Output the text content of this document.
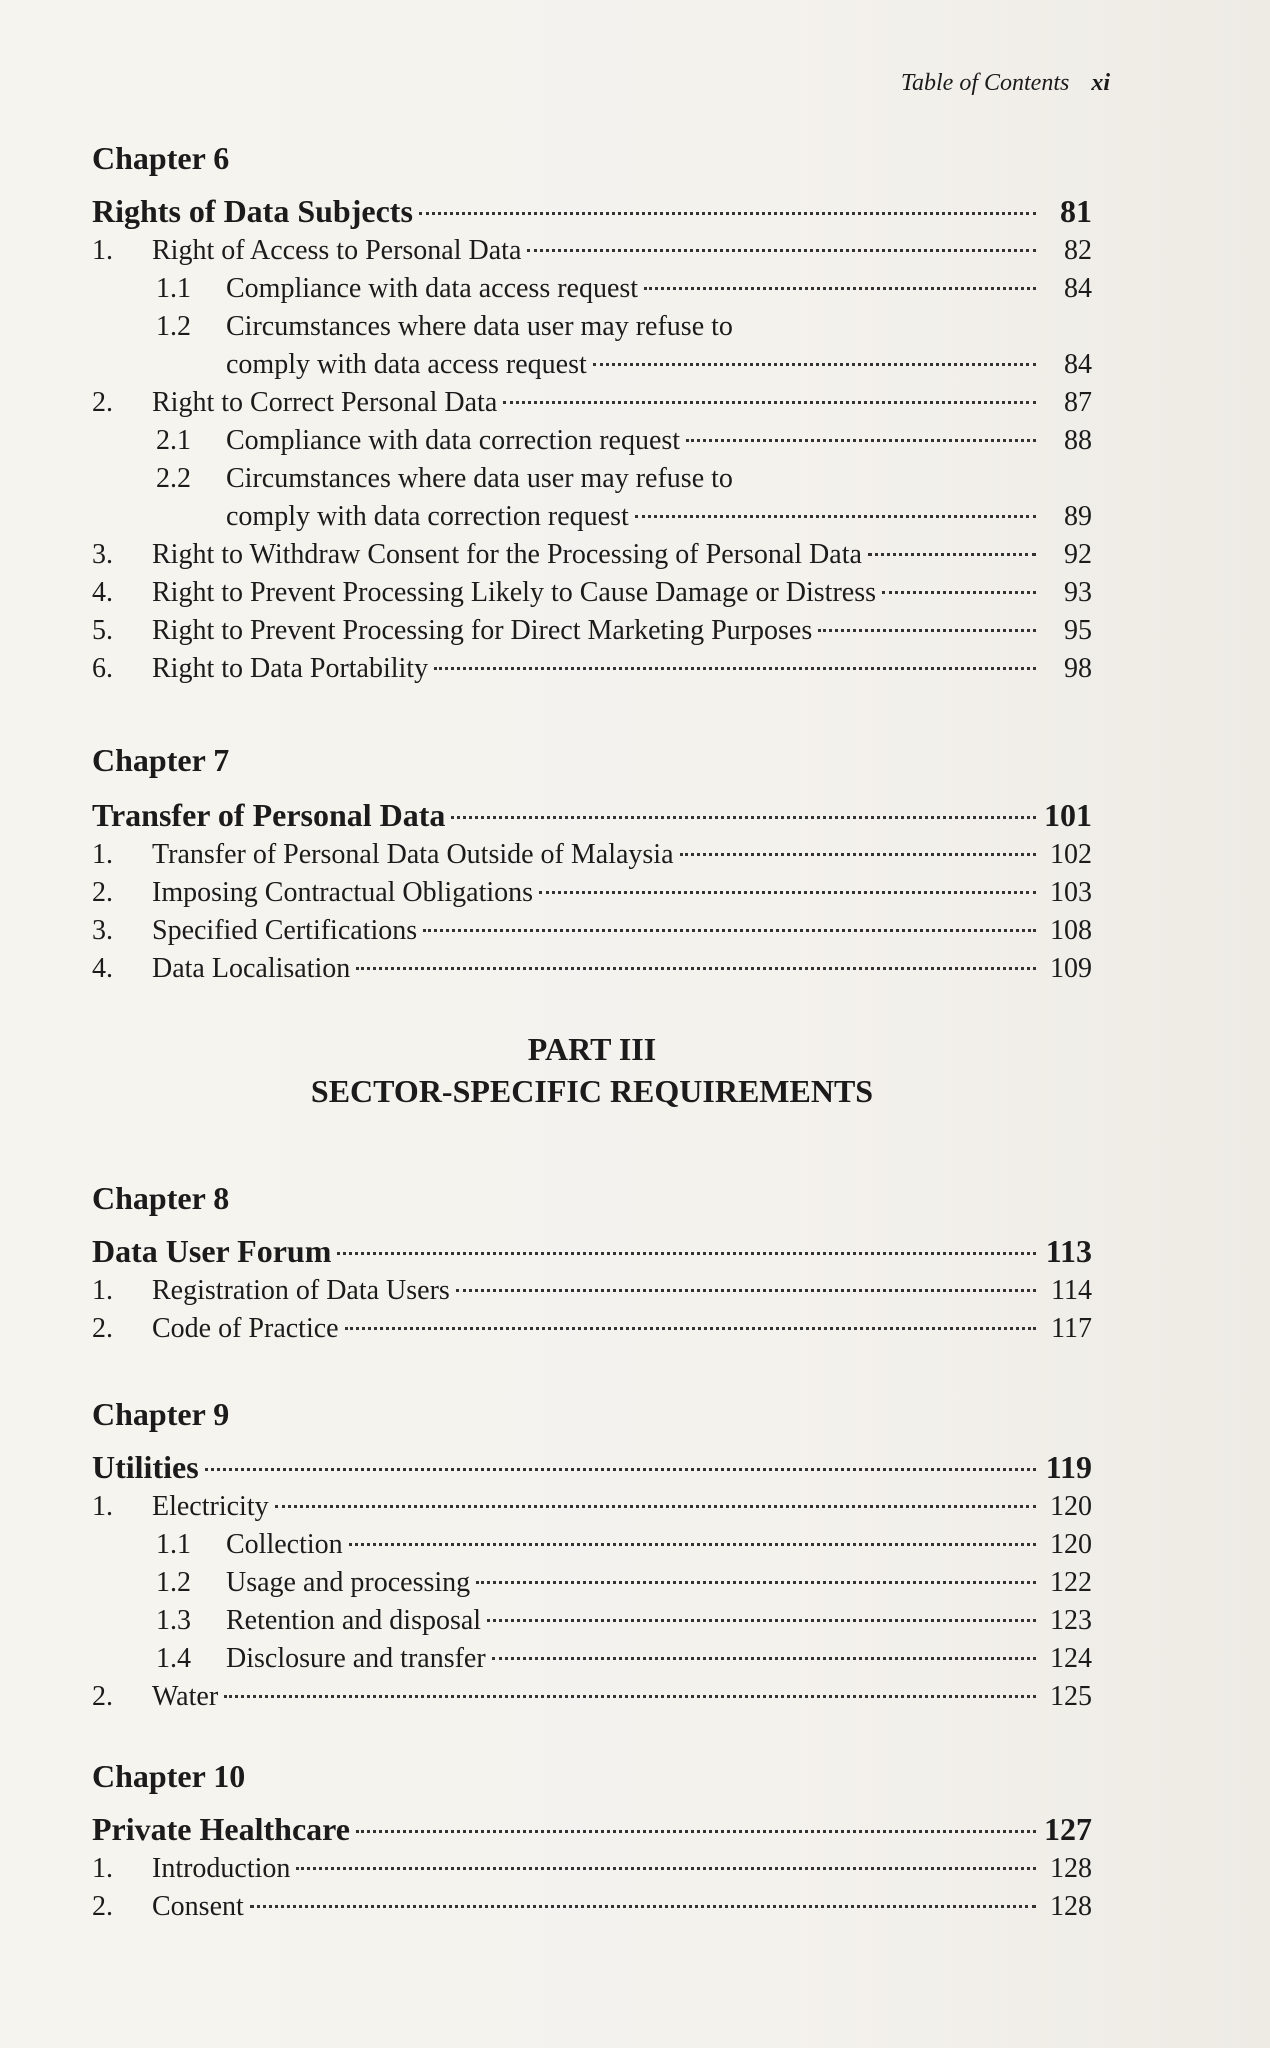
Table of Contents xi
Chapter 6
Rights of Data Subjects	81
1.	Right of Access to Personal Data	82
1.1	Compliance with data access request	84
1.2	Circumstances where data user may refuse to
comply with data access request	84
2.	Right to Correct Personal Data	87
2.1	Compliance with data correction request	88
2.2	Circumstances where data user may refuse to
comply with data correction request	89
3.	Right to Withdraw Consent for the Processing of Personal Data	92
4.	Right to Prevent Processing Likely to Cause Damage or Distress	93
5.	Right to Prevent Processing for Direct Marketing Purposes	95
6.	Right to Data Portability	98
Chapter 7
Transfer of Personal Data	101
1.	Transfer of Personal Data Outside of Malaysia	102
2.	Imposing Contractual Obligations	103
3.	Specified Certifications	108
4.	Data Localisation	109
PART III
SECTOR-SPECIFIC REQUIREMENTS
Chapter 8
Data User Forum	113
1.	Registration of Data Users	114
2.	Code of Practice	117
Chapter 9
Utilities	119
1.	Electricity	120
1.1	Collection	120
1.2	Usage and processing	122
1.3	Retention and disposal	123
1.4	Disclosure and transfer	124
2.	Water	125
Chapter 10
Private Healthcare	127
1.	Introduction	128
2.	Consent	128
